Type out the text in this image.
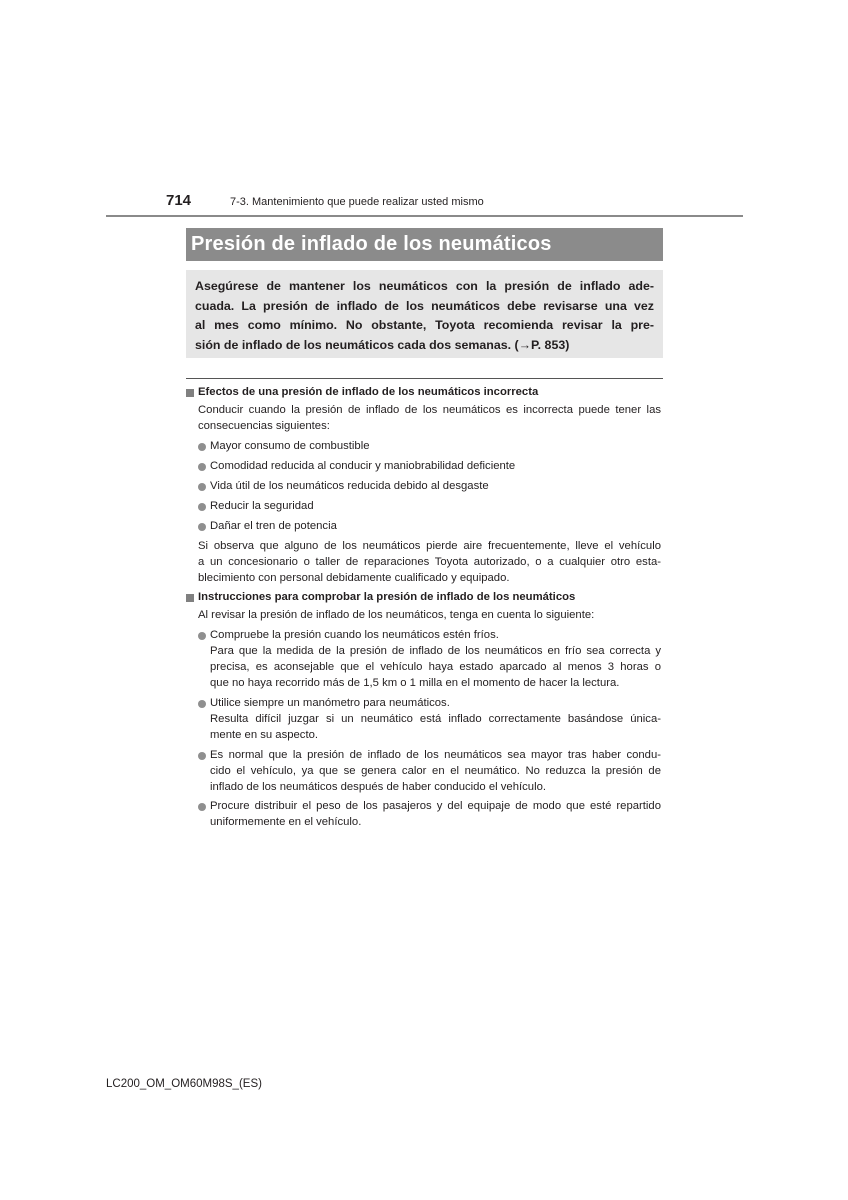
714	7-3. Mantenimiento que puede realizar usted mismo
Presión de inflado de los neumáticos
Asegúrese de mantener los neumáticos con la presión de inflado ade-
cuada. La presión de inflado de los neumáticos debe revisarse una vez
al mes como mínimo. No obstante, Toyota recomienda revisar la pre-
sión de inflado de los neumáticos cada dos semanas. (→P. 853)
Efectos de una presión de inflado de los neumáticos incorrecta
Conducir cuando la presión de inflado de los neumáticos es incorrecta puede tener las
consecuencias siguientes:
Mayor consumo de combustible
Comodidad reducida al conducir y maniobrabilidad deficiente
Vida útil de los neumáticos reducida debido al desgaste
Reducir la seguridad
Dañar el tren de potencia
Si observa que alguno de los neumáticos pierde aire frecuentemente, lleve el vehículo
a un concesionario o taller de reparaciones Toyota autorizado, o a cualquier otro esta-
blecimiento con personal debidamente cualificado y equipado.
Instrucciones para comprobar la presión de inflado de los neumáticos
Al revisar la presión de inflado de los neumáticos, tenga en cuenta lo siguiente:
Compruebe la presión cuando los neumáticos estén fríos.
Para que la medida de la presión de inflado de los neumáticos en frío sea correcta y
precisa, es aconsejable que el vehículo haya estado aparcado al menos 3 horas o
que no haya recorrido más de 1,5 km o 1 milla en el momento de hacer la lectura.
Utilice siempre un manómetro para neumáticos.
Resulta difícil juzgar si un neumático está inflado correctamente basándose única-
mente en su aspecto.
Es normal que la presión de inflado de los neumáticos sea mayor tras haber condu-
cido el vehículo, ya que se genera calor en el neumático. No reduzca la presión de
inflado de los neumáticos después de haber conducido el vehículo.
Procure distribuir el peso de los pasajeros y del equipaje de modo que esté repartido
uniformemente en el vehículo.
LC200_OM_OM60M98S_(ES)
